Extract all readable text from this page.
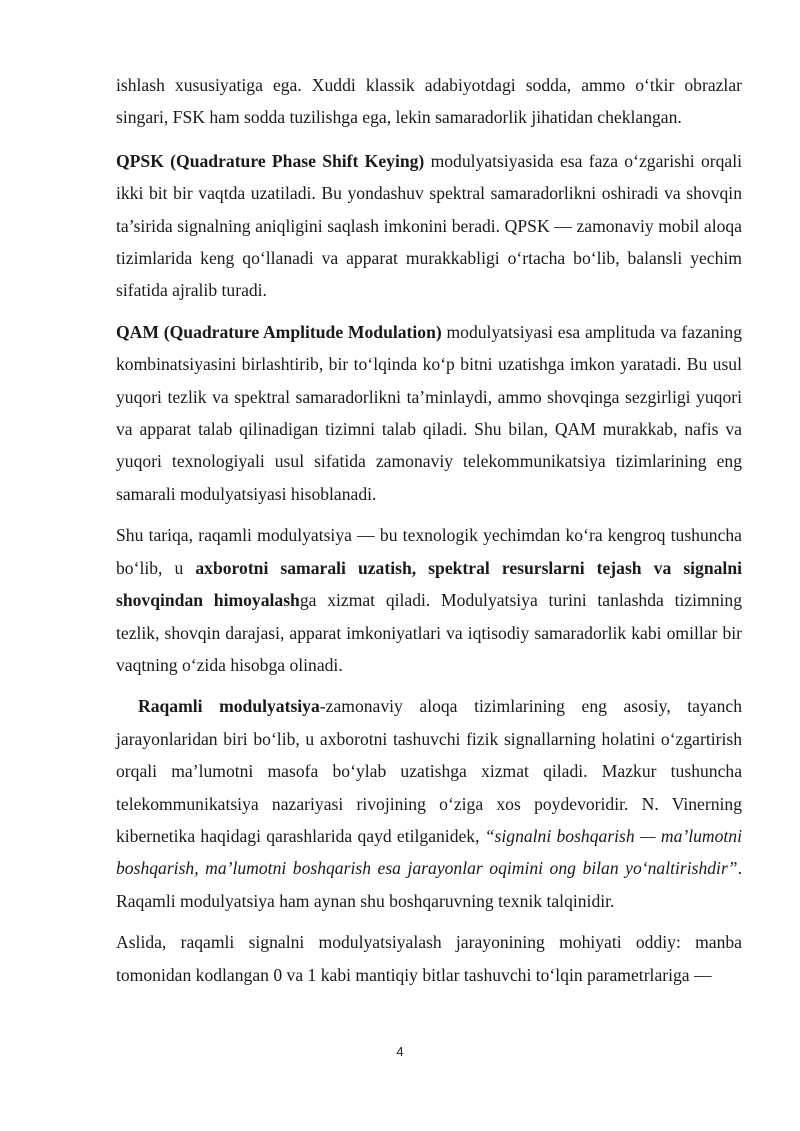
ishlash xususiyatiga ega. Xuddi klassik adabiyotdagi sodda, ammo o‘tkir obrazlar singari, FSK ham sodda tuzilishga ega, lekin samaradorlik jihatidan cheklangan.

QPSK (Quadrature Phase Shift Keying) modulyatsiyasida esa faza o‘zgarishi orqali ikki bit bir vaqtda uzatiladi. Bu yondashuv spektral samaradorlikni oshiradi va shovqin ta’sirida signalning aniqligini saqlash imkonini beradi. QPSK — zamonaviy mobil aloqa tizimlarida keng qo‘llanadi va apparat murakkabligi o‘rtacha bo‘lib, balansli yechim sifatida ajralib turadi.

QAM (Quadrature Amplitude Modulation) modulyatsiyasi esa amplituda va fazaning kombinatsiyasini birlashtirib, bir to‘lqinda ko‘p bitni uzatishga imkon yaratadi. Bu usul yuqori tezlik va spektral samaradorlikni ta’minlaydi, ammo shovqinga sezgirligi yuqori va apparat talab qilinadigan tizimni talab qiladi. Shu bilan, QAM murakkab, nafis va yuqori texnologiyali usul sifatida zamonaviy telekommunikatsiya tizimlarining eng samarali modulyatsiyasi hisoblanadi.

Shu tariqa, raqamli modulyatsiya — bu texnologik yechimdan ko‘ra kengroq tushuncha bo‘lib, u axborotni samarali uzatish, spektral resurslarni tejash va signalni shovqindan himoyalashga xizmat qiladi. Modulyatsiya turini tanlashda tizimning tezlik, shovqin darajasi, apparat imkoniyatlari va iqtisodiy samaradorlik kabi omillar bir vaqtning o‘zida hisobga olinadi.

Raqamli modulyatsiya-zamonaviy aloqa tizimlarining eng asosiy, tayanch jarayonlaridan biri bo‘lib, u axborotni tashuvchi fizik signallarning holatini o‘zgartirish orqali ma’lumotni masofa bo‘ylab uzatishga xizmat qiladi. Mazkur tushuncha telekommunikatsiya nazariyasi rivojining o‘ziga xos poydevoridir. N. Vinerning kibernetika haqidagi qarashlarida qayd etilganidek, “signalni boshqarish — ma’lumotni boshqarish, ma’lumotni boshqarish esa jarayonlar oqimini ong bilan yo‘naltirishdir”. Raqamli modulyatsiya ham aynan shu boshqaruvning texnik talqinidir.

Aslida, raqamli signalni modulyatsiyalash jarayonining mohiyati oddiy: manba tomonidan kodlangan 0 va 1 kabi mantiqiy bitlar tashuvchi to‘lqin parametrlariga —

4
